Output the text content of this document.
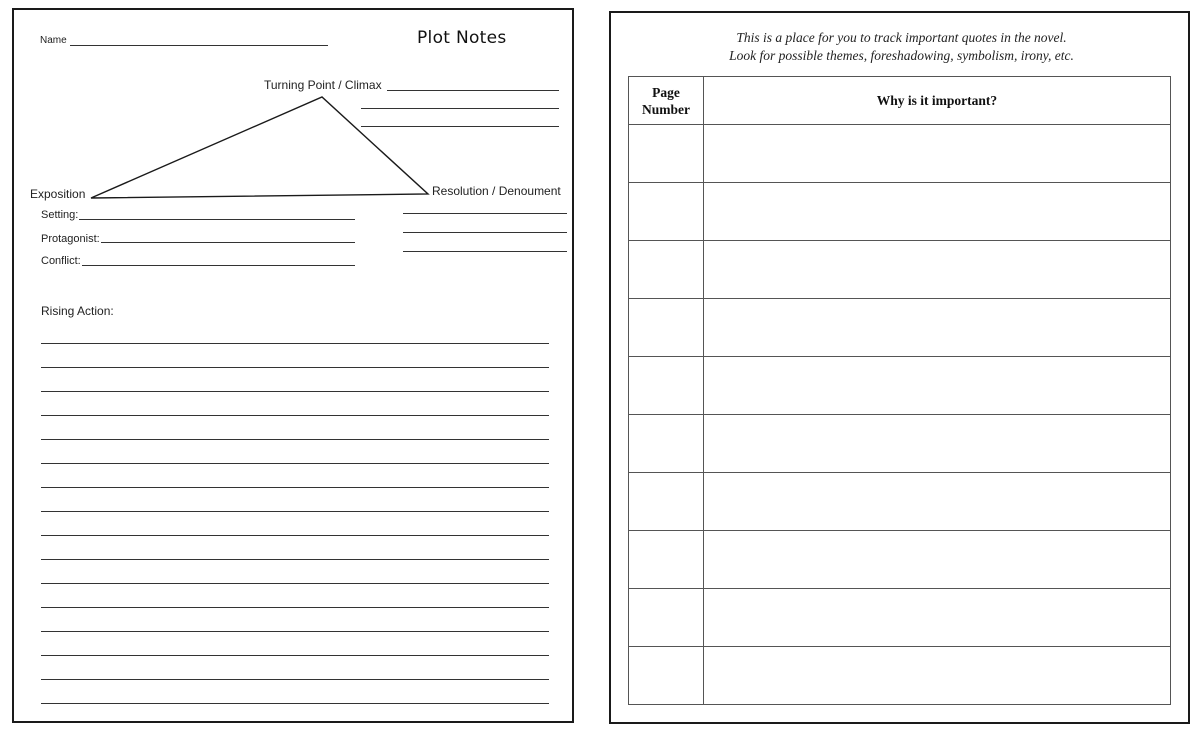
Name	Plot Notes
Turning Point / Climax
Exposition	Resolution / Denoument
Setting:
Protagonist:
Conflict:
Rising Action:
This is a place for you to track important quotes in the novel.
Look for possible themes, foreshadowing, symbolism, irony, etc.
Page
Number	Why is it important?
